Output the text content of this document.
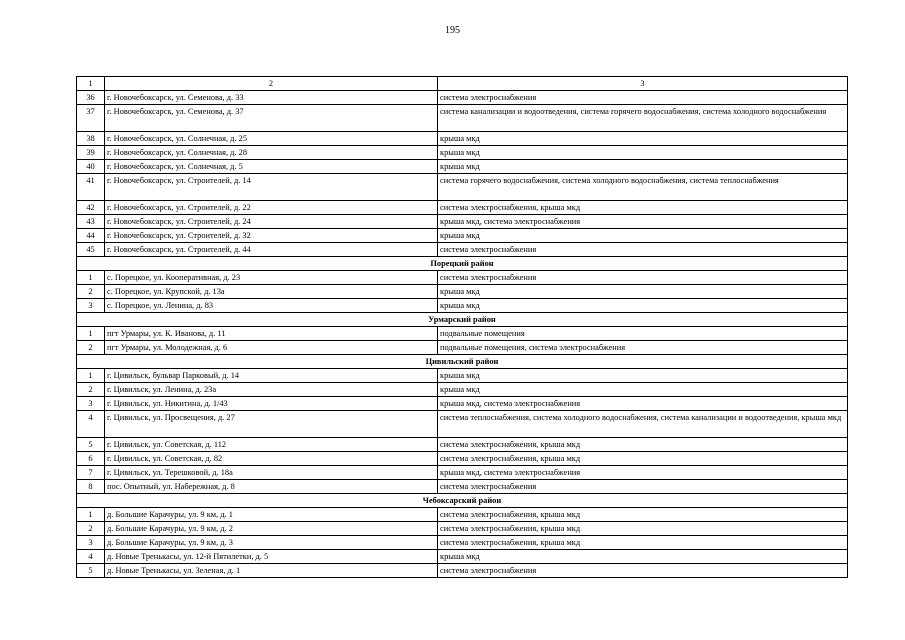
195
1	2	3
36	г. Новочебоксарск, ул. Семенова, д. 33	система электроснабжения
37	г. Новочебоксарск, ул. Семенова, д. 37	система канализации и водоотведения, система горячего водоснабжения, система холодного водоснабжения
38	г. Новочебоксарск, ул. Солнечная, д. 25	крыша мкд
39	г. Новочебоксарск, ул. Солнечная, д. 28	крыша мкд
40	г. Новочебоксарск, ул. Солнечная, д. 5	крыша мкд
41	г. Новочебоксарск, ул. Строителей, д. 14	система горячего водоснабжения, система холодного водоснабжения, система теплоснабжения
42	г. Новочебоксарск, ул. Строителей, д. 22	система электроснабжения, крыша мкд
43	г. Новочебоксарск, ул. Строителей, д. 24	крыша мкд, система электроснабжения
44	г. Новочебоксарск, ул. Строителей, д. 32	крыша мкд
45	г. Новочебоксарск, ул. Строителей, д. 44	система электроснабжения
Порецкий район		
1	с. Порецкое, ул. Кооперативная, д. 23	система электроснабжения
2	с. Порецкое, ул. Крупской, д. 13а	крыша мкд
3	с. Порецкое, ул. Ленина, д. 83	крыша мкд
Урмарский район		
1	пгт Урмары, ул. К. Иванова, д. 11	подвальные помещения
2	пгт Урмары, ул. Молодежная, д. 6	подвальные помещения, система электроснабжения
Цивильский район		
1	г. Цивильск, бульвар Парковый, д. 14	крыша мкд
2	г. Цивильск, ул. Ленина, д. 23а	крыша мкд
3	г. Цивильск, ул. Никитина, д. 1/43	крыша мкд, система электроснабжения
4	г. Цивильск, ул. Просвещения, д. 27	система теплоснабжения, система холодного водоснабжения, система канализации и водоотведения, крыша мкд
5	г. Цивильск, ул. Советская, д. 112	система электроснабжения, крыша мкд
6	г. Цивильск, ул. Советская, д. 82	система электроснабжения, крыша мкд
7	г. Цивильск, ул. Терешковой, д. 18а	крыша мкд, система электроснабжения
8	пос. Опытный, ул. Набережная, д. 8	система электроснабжения
Чебоксарский район		
1	д. Большие Карачуры, ул. 9 км, д. 1	система электроснабжения, крыша мкд
2	д. Большие Карачуры, ул. 9 км, д. 2	система электроснабжения, крыша мкд
3	д. Большие Карачуры, ул. 9 км, д. 3	система электроснабжения, крыша мкд
4	д. Новые Тренькасы, ул. 12-й Пятилетки, д. 5	крыша мкд
5	д. Новые Тренькасы, ул. Зеленая, д. 1	система электроснабжения
